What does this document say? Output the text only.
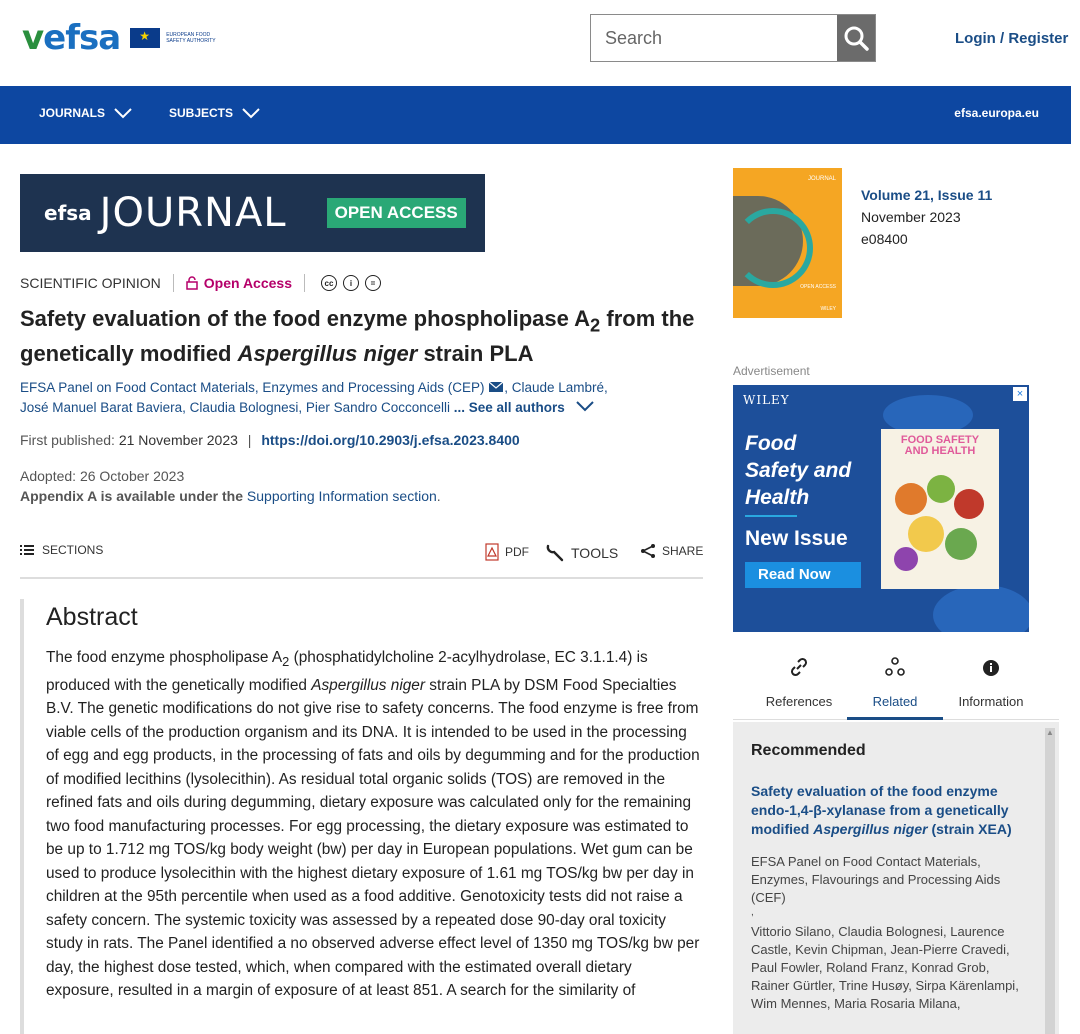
vefsa
★	EUROPEAN FOOD SAFETY AUTHORITY
Search	Login / Register
JOURNALS	SUBJECTS	efsa.europa.eu
efsa JOURNAL	OPEN ACCESS
SCIENTIFIC OPINION	Open Access	cc	i	=
Safety evaluation of the food enzyme phospholipase $A_2$ from the genetically modified Aspergillus niger strain PLA
EFSA Panel on Food Contact Materials, Enzymes and Processing Aids (CEP) , Claude Lambré,
José Manuel Barat Baviera, Claudia Bolognesi, Pier Sandro Cocconcelli ... See all authors
First published: 21 November 2023 | https://doi.org/10.2903/j.efsa.2023.8400
Adopted: 26 October 2023
Appendix A is available under the Supporting Information section.
SECTIONS	PDF	TOOLS	SHARE
Abstract

The food enzyme phospholipase $A_2$ (phosphatidylcholine 2-acylhydrolase, EC 3.1.1.4) is produced with the genetically modified Aspergillus niger strain PLA by DSM Food Specialties B.V. The genetic modifications do not give rise to safety concerns. The food enzyme is free from viable cells of the production organism and its DNA. It is intended to be used in the processing of egg and egg products, in the processing of fats and oils by degumming and for the production of modified lecithins (lysolecithin). As residual total organic solids (TOS) are removed in the refined fats and oils during degumming, dietary exposure was calculated only for the remaining two food manufacturing processes. For egg processing, the dietary exposure was estimated to be up to 1.712 mg TOS/kg body weight (bw) per day in European populations. Wet gum can be used to produce lysolecithin with the highest dietary exposure of 1.61 mg TOS/kg bw per day in children at the 95th percentile when used as a food additive. Genotoxicity tests did not raise a safety concern. The systemic toxicity was assessed by a repeated dose 90-day oral toxicity study in rats. The Panel identified a no observed adverse effect level of 1350 mg TOS/kg bw per day, the highest dose tested, which, when compared with the estimated overall dietary exposure, resulted in a margin of exposure of at least 851. A search for the similarity of

JOURNAL
OPEN ACCESS
WILEY
Volume 21, Issue 11
November 2023
e08400
Advertisement
WILEY	×
Food
Safety and
Health
New Issue
Read Now
FOOD SAFETY
AND HEALTH
References	Related	Information
Recommended
Safety evaluation of the food enzyme endo-1,4-β-xylanase from a genetically modified Aspergillus niger (strain XEA)
EFSA Panel on Food Contact Materials, Enzymes, Flavourings and Processing Aids (CEF)
,
Vittorio Silano, Claudia Bolognesi, Laurence Castle, Kevin Chipman, Jean-Pierre Cravedi, Paul Fowler, Roland Franz, Konrad Grob, Rainer Gürtler, Trine Husøy, Sirpa Kärenlampi, Wim Mennes, Maria Rosaria Milana,
▲
